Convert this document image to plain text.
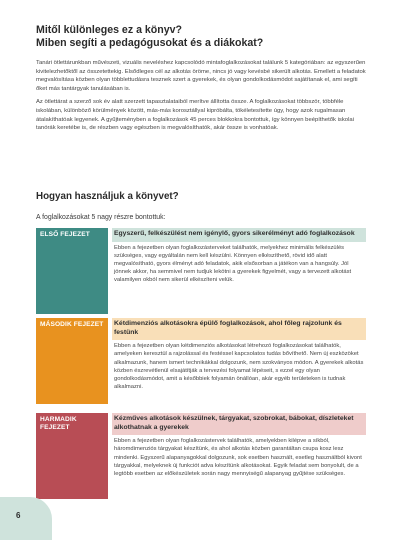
Mitől különleges ez a könyv?
Miben segíti a pedagógusokat és a diákokat?

Tanári ötlettárunkban művészeti, vizuális neveléshez kapcsolódó mintafoglalkozásokat találunk 5 kategóriában: az egyszerűen kivitelezhetőktől az összetettekig. Elsődleges cél az alkotás öröme, nincs jó vagy kevésbé sikerült alkotás. Emellett a feladatok megvalósítása közben olyan többlettudásra tesznek szert a gyerekek, és olyan gondolkodásmódot sajátítanak el, ami segíti őket más tantárgyak tanulásában is.

Az ötlettárat a szerző sok év alatt szerzett tapasztalataiból merítve állította össze. A foglalkozásokat többször, többféle iskolában, különböző körülmények között, más-más korosztállyal kipróbálta, tökéletesítette úgy, hogy azok rugalmasan átalakíthatóak legyenek. A gyűjteményben a foglalkozások 45 perces blokkokra bontottuk, így könnyen beépíthetők iskolai tanórák keretébe is, de részben vagy egészben is megvalósíthatók, akár össze is vonhatóak.

Hogyan használjuk a könyvet?
A foglalkozásokat 5 nagy részre bontottuk:
ELSŐ FEJEZET	Egyszerű, felkészülést nem igénylő, gyors sikerélményt adó foglalkozások
Ebben a fejezetben olyan foglalkozásterveket találhatók, melyekhez minimális felkészülés szükséges, vagy egyáltalán nem kell készülni. Könnyen elkészíthető, rövid idő alatt megvalósítható, gyors élményt adó feladatok, akik elsősorban a játékon van a hangsúly. Jól jönnek akkor, ha semmivel nem tudjuk lekötni a gyerekek figyelmét, vagy a tervezett alkotást valamilyen okból nem sikerül elkészíteni velük.
MÁSODIK FEJEZET Kétdimenziós alkotásokra épülő foglalkozások, ahol főleg rajzolunk és festünk
Ebben a fejezetben olyan kétdimenziós alkotásokat létrehozó foglalkozásokat találhatók, amelyeken keresztül a rajzolással és festéssel kapcsolatos tudás bővíthető. Nem új eszközöket alkalmazunk, hanem ismert technikákkal dolgozunk, nem szokványos módon. A gyerekek alkotás közben észrevétlenül elsajátítják a tervezési folyamat lépéseit, s ezzel egy olyan gondolkodásmódot, amit a későbbiek folyamán önállóan, akár egyéb területeken is tudnak alkalmazni.
HARMADIK FEJEZET
Kézműves alkotások készülnek, tárgyakat, szobrokat, bábokat, díszleteket alkothatnak a gyerekek
Ebben a fejezetben olyan foglalkozástervek találhatók, amelyekben kilépve a síkból, háromdimenziós tárgyakat készítünk, és ahol alkotás közben garantáltan csupa kosz lesz mindenki. Egyszerű alapanyagokkal dolgozunk, sok esetben használt, esetleg használtból kivont tárgyakkal, melyeknek új funkciót adva készítünk alkotásokat. Egyik feladat sem bonyolult, de a legtöbb esetben az előkészületek során nagy mennyiségű alapanyag gyűjtése szükséges.
6
